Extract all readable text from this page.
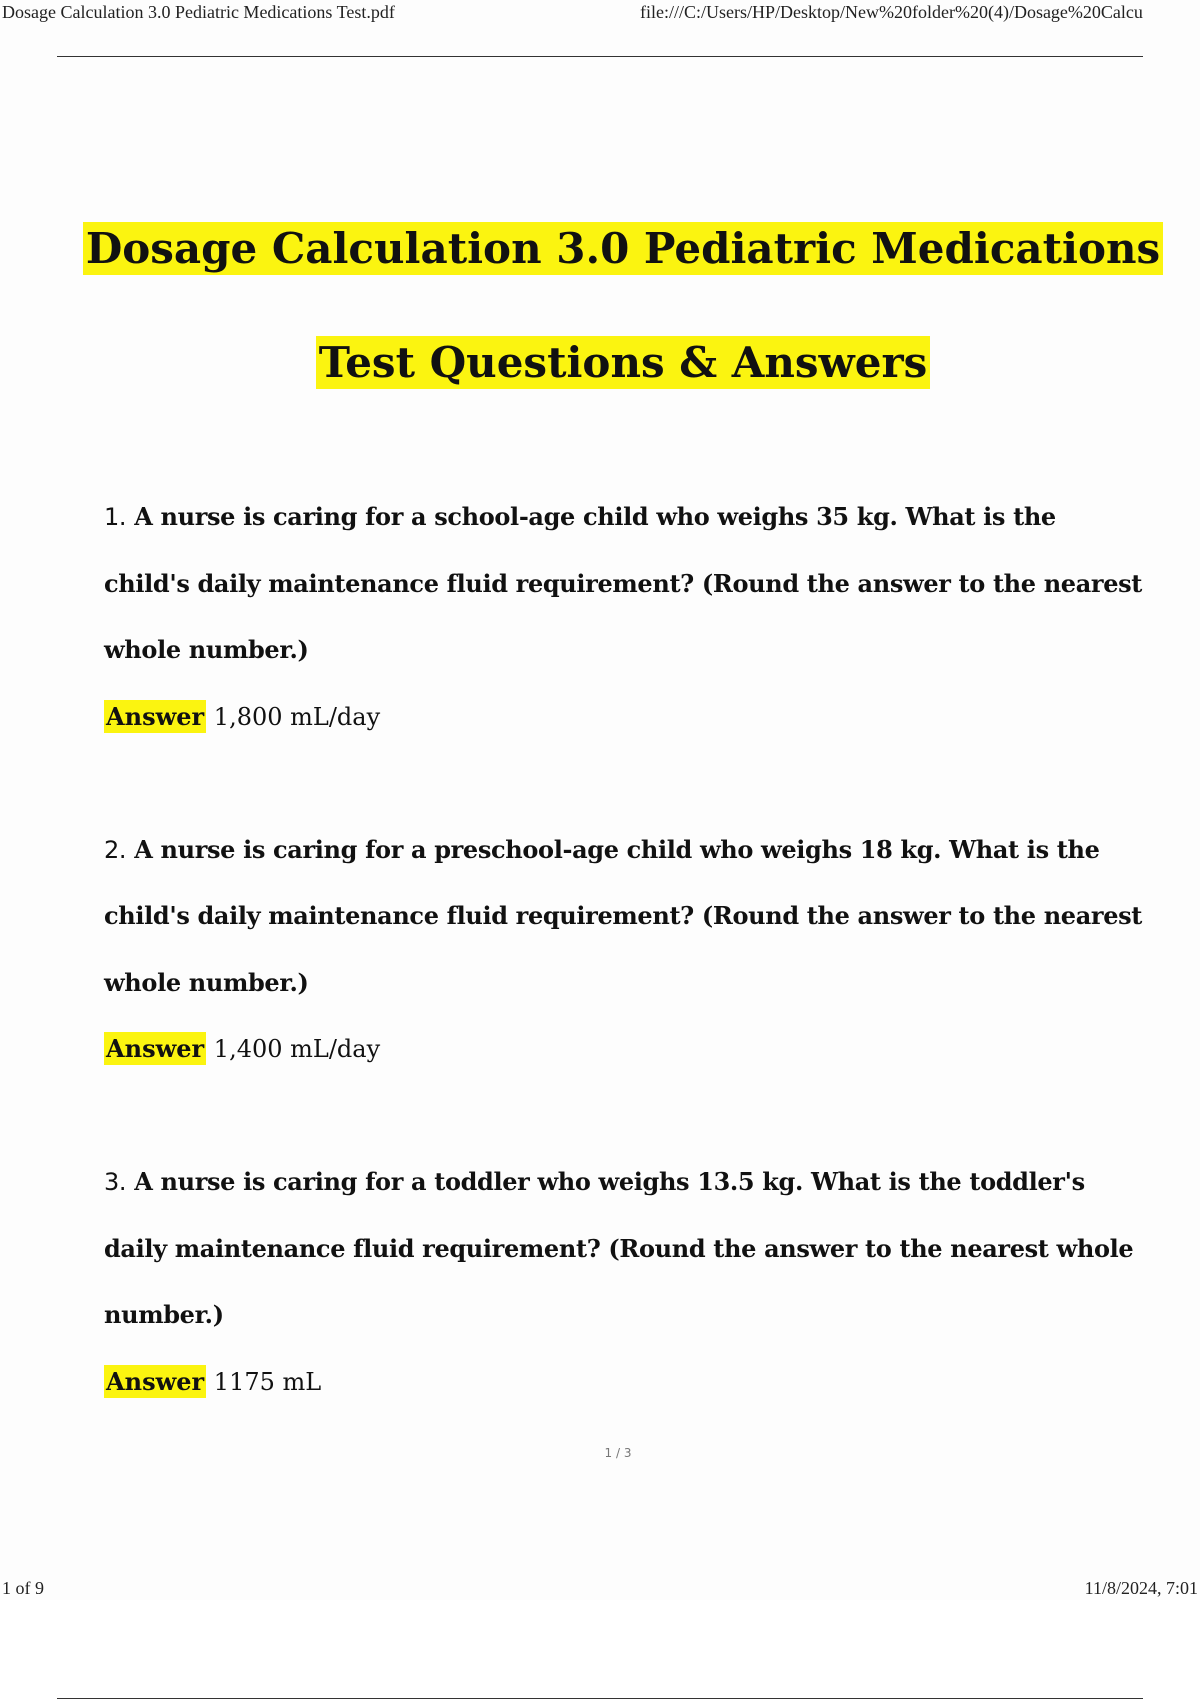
Dosage Calculation 3.0 Pediatric Medications
Test Questions & Answers

1. A nurse is caring for a school-age child who weighs 35 kg. What is the child's daily maintenance fluid requirement? (Round the answer to the nearest whole number.)

Answer 1,800 mL/day

2. A nurse is caring for a preschool-age child who weighs 18 kg. What is the child's daily maintenance fluid requirement? (Round the answer to the nearest whole number.)

Answer 1,400 mL/day

3. A nurse is caring for a toddler who weighs 13.5 kg. What is the toddler's daily maintenance fluid requirement? (Round the answer to the nearest whole number.)

Answer 1175 mL

1 / 3
Dosage Calculation 3.0 Pediatric Medications Test.pdf	file:///C:/Users/HP/Desktop/New%20folder%20(4)/Dosage%20Calcu
1 of 9	11/8/2024, 7:01
